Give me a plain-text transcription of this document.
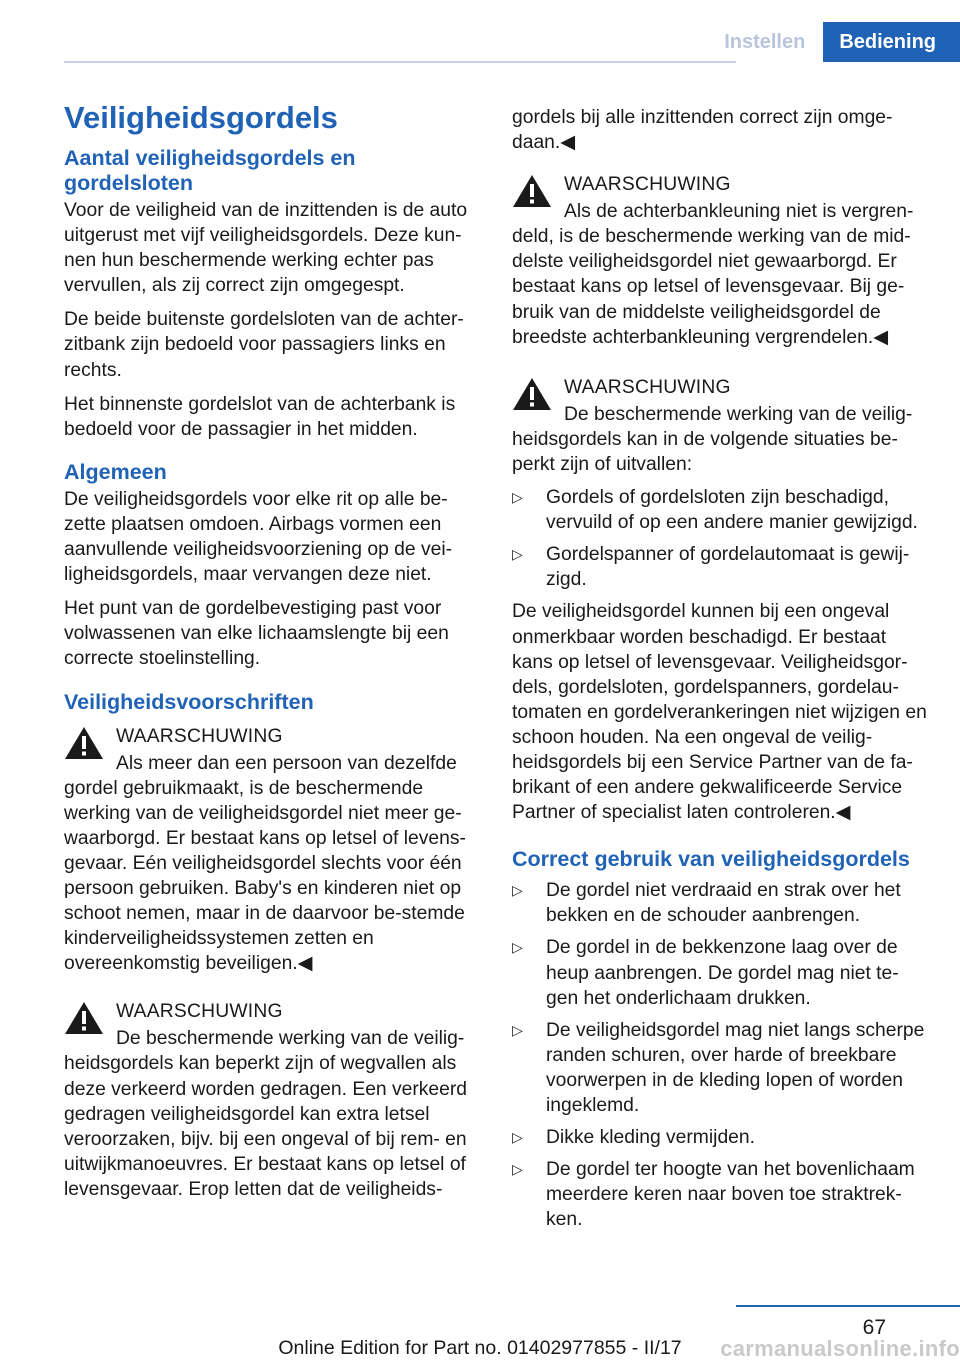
Instellen	Bediening
Veiligheidsgordels
Aantal veiligheidsgordels en gordelsloten

Voor de veiligheid van de inzittenden is de auto uitgerust met vijf veiligheidsgordels. Deze kun‐nen hun beschermende werking echter pas vervullen, als zij correct zijn omgegespt.

De beide buitenste gordelsloten van de achter‐zitbank zijn bedoeld voor passagiers links en rechts.

Het binnenste gordelslot van de achterbank is bedoeld voor de passagier in het midden.

Algemeen

De veiligheidsgordels voor elke rit op alle be‐zette plaatsen omdoen. Airbags vormen een aanvullende veiligheidsvoorziening op de vei‐ligheidsgordels, maar vervangen deze niet.

Het punt van de gordelbevestiging past voor volwassenen van elke lichaamslengte bij een correcte stoelinstelling.

Veiligheidsvoorschriften
WAARSCHUWING
Als meer dan een persoon van dezelfde gordel gebruikmaakt, is de beschermende werking van de veiligheidsgordel niet meer ge‐waarborgd. Er bestaat kans op letsel of levens‐gevaar. Eén veiligheidsgordel slechts voor één persoon gebruiken. Baby's en kinderen niet op schoot nemen, maar in de daarvoor be‐stemde kinderveiligheidssystemen zetten en overeenkomstig beveiligen.◀
WAARSCHUWING
De beschermende werking van de veilig‐heidsgordels kan beperkt zijn of wegvallen als deze verkeerd worden gedragen. Een verkeerd gedragen veiligheidsgordel kan extra letsel veroorzaken, bijv. bij een ongeval of bij rem- en uitwijkmanoeuvres. Er bestaat kans op letsel of levensgevaar. Erop letten dat de veiligheids‐

gordels bij alle inzittenden correct zijn omge‐daan.◀

WAARSCHUWING
Als de achterbankleuning niet is vergren‐deld, is de beschermende werking van de mid‐delste veiligheidsgordel niet gewaarborgd. Er bestaat kans op letsel of levensgevaar. Bij ge‐bruik van de middelste veiligheidsgordel de breedste achterbankleuning vergrendelen.◀
WAARSCHUWING
De beschermende werking van de veilig‐heidsgordels kan in de volgende situaties be‐perkt zijn of uitvallen:
▷ Gordels of gordelsloten zijn beschadigd, vervuild of op een andere manier gewijzigd.
▷ Gordelspanner of gordelautomaat is gewij‐zigd.

De veiligheidsgordel kunnen bij een ongeval onmerkbaar worden beschadigd. Er bestaat kans op letsel of levensgevaar. Veiligheidsgor‐dels, gordelsloten, gordelspanners, gordelau‐tomaten en gordelverankeringen niet wijzigen en schoon houden. Na een ongeval de veilig‐heidsgordels bij een Service Partner van de fa‐brikant of een andere gekwalificeerde Service Partner of specialist laten controleren.◀

Correct gebruik van veiligheidsgordels
▷ De gordel niet verdraaid en strak over het bekken en de schouder aanbrengen.
▷ De gordel in de bekkenzone laag over de heup aanbrengen. De gordel mag niet te‐gen het onderlichaam drukken.
▷ De veiligheidsgordel mag niet langs scherpe randen schuren, over harde of breekbare voorwerpen in de kleding lopen of worden ingeklemd.
▷ Dikke kleding vermijden.
▷ De gordel ter hoogte van het bovenlichaam meerdere keren naar boven toe straktrek‐ken.
67
Online Edition for Part no. 01402977855 - II/17	carmanualsonline.info
